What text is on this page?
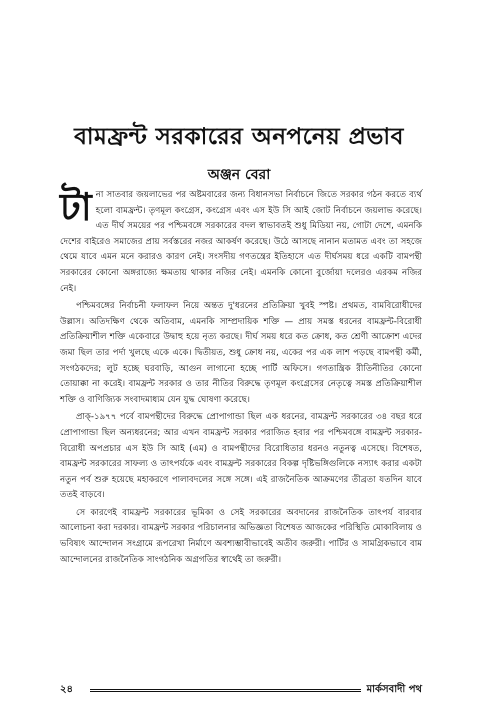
বামফ্রন্ট সরকারের অনপনেয় প্রভাব
অঞ্জন বেরা

টানা সাতবার জয়লাভের পর অষ্টমবারের জন্য বিধানসভা নির্বাচনে জিতে সরকার গঠন করতে ব্যর্থ হলো বামফ্রন্ট। তৃণমূল কংগ্রেস, কংগ্রেস এবং এস ইউ সি আই জোট নির্বাচনে জয়লাভ করেছে। এত দীর্ঘ সময়ের পর পশ্চিমবঙ্গে সরকারের বদল স্বাভাবতই শুধু মিডিয়া নয়, গোটা দেশে, এমনকি দেশের বাইরেও সমাজের প্রায় সর্বস্তরের নজর আকর্ষণ করেছে। উঠে আসছে নানান মতামত এবং তা সহজে থেমে যাবে এমন মনে করারও কারণ নেই। সংসদীয় গণতন্ত্রের ইতিহাসে এত দীর্ঘসময় ধরে একটি বামপন্থী সরকারের কোনো অঙ্গরাজ্যে ক্ষমতায় থাকার নজির নেই। এমনকি কোনো বুর্জোয়া দলেরও এরকম নজির নেই।

পশ্চিমবঙ্গের নির্বাচনী ফলাফল নিয়ে অন্তত দু'ধরনের প্রতিক্রিয়া খুবই স্পষ্ট। প্রথমত, বামবিরোধীদের উল্লাস। অতিদক্ষিণ থেকে অতিবাম, এমনকি সাম্প্রদায়িক শক্তি — প্রায় সমস্ত ধরনের বামফ্রন্ট-বিরোধী প্রতিক্রিয়াশীল শক্তি একেবারে উদ্বাহু হয়ে নৃত্য করছে। দীর্ঘ সময় ধরে কত ক্রোধ, কত শ্রেণী আক্রোশ এদের জমা ছিল তার পর্দা খুলছে একে একে। দ্বিতীয়ত, শুধু ক্রোধ নয়, একের পর এক লাশ পড়ছে বামপন্থী কর্মী, সংগঠকদের; লুট হচ্ছে ঘরবাড়ি, আগুন লাগানো হচ্ছে পার্টি অফিসে। গণতান্ত্রিক রীতিনীতির কোনো তোয়াক্কা না করেই। বামফ্রন্ট সরকার ও তার নীতির বিরুদ্ধে তৃণমূল কংগ্রেসের নেতৃত্বে সমস্ত প্রতিক্রিয়াশীল শক্তি ও বাণিজ্যিক সংবাদমাধ্যম যেন যুদ্ধ ঘোষণা করেছে।

প্রাক্-১৯৭৭ পর্বে বামপন্থীদের বিরুদ্ধে প্রোপাগান্ডা ছিল এক ধরনের, বামফ্রন্ট সরকারের ৩৪ বছর ধরে প্রোপাগান্ডা ছিল অন্যধরনের; আর এখন বামফ্রন্ট সরকার পরাজিত হবার পর পশ্চিমবঙ্গে বামফ্রন্ট সরকার-বিরোধী অপপ্রচার এস ইউ সি আই (এম) ও বামপন্থীদের বিরোধিতার ধরনও নতুনত্ব এসেছে। বিশেষত, বামফ্রন্ট সরকারের সাফল্য ও তাৎপর্যকে এবং বামফ্রন্ট সরকারের বিকল্প দৃষ্টিভঙ্গিগুলিকে নস্যাৎ করার একটা নতুন পর্ব শুরু হয়েছে মহাকরণে পালাবদলের সঙ্গে সঙ্গে। এই রাজনৈতিক আক্রমণের তীব্রতা যতদিন যাবে ততই বাড়বে।

সে কারণেই বামফ্রন্ট সরকারের ভূমিকা ও সেই সরকারের অবদানের রাজনৈতিক তাৎপর্য বারবার আলোচনা করা দরকার। বামফ্রন্ট সরকার পরিচালনার অভিজ্ঞতা বিশেষত আজকের পরিস্থিতি মোকাবিলায় ও ভবিষ্যৎ আন্দোলন সংগ্রামে রূপরেখা নির্মাণে অবশ্যম্ভাবীভাবেই অতীব জরুরী। পার্টির ও সামগ্রিকভাবে বাম আন্দোলনের রাজনৈতিক সাংগঠনিক অগ্রগতির স্বার্থেই তা জরুরী।

২৪	মার্কসবাদী পথ
